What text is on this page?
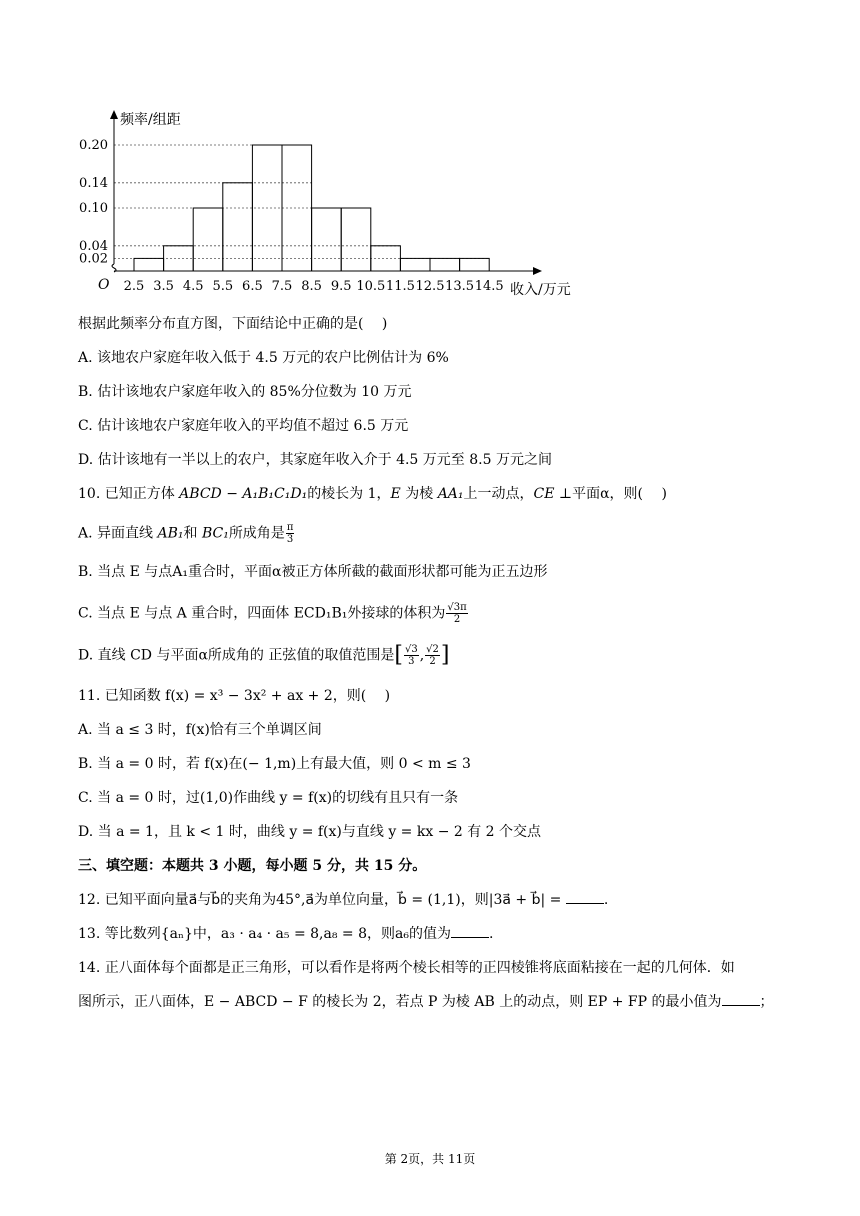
0.20
0.14
0.10
0.04
0.02
2.5 3.5 4.5 5.5 6.5 7.5 8.5 9.5 10.5 11.5 12.5 13.5 14.5
频率/组距
收入/万元
O
根据此频率分布直方图，下面结论中正确的是(　 )
A. 该地农户家庭年收入低于 4.5 万元的农户比例估计为 6%
B. 估计该地农户家庭年收入的 85%分位数为 10 万元
C. 估计该地农户家庭年收入的平均值不超过 6.5 万元
D. 估计该地有一半以上的农户，其家庭年收入介于 4.5 万元至 8.5 万元之间
10. 已知正方体 ABCD − A₁B₁C₁D₁的棱长为 1，E 为棱 AA₁上一动点，CE ⊥平面α，则(　 )
A. 异面直线 AB₁和 BC₁所成角是 $\frac{\pi}{3}$
B. 当点 E 与点A₁重合时，平面α被正方体所截的截面形状都可能为正五边形
C. 当点 E 与点 A 重合时，四面体 ECD₁B₁外接球的体积为 $\frac{√3\pi}{2}$
D. 直线 CD 与平面α所成角的 正弦值的取值范围是[ $\frac{√3}{3}$ , $\frac{√2}{2}$ ]
11. 已知函数 f(x) = x³ − 3x² + ax + 2，则(　 )
A. 当 a ≤ 3 时，f(x)恰有三个单调区间
B. 当 a = 0 时，若 f(x)在(− 1,m)上有最大值，则 0 < m ≤ 3
C. 当 a = 0 时，过(1,0)作曲线 y = f(x)的切线有且只有一条
D. 当 a = 1，且 k < 1 时，曲线 y = f(x)与直线 y = kx − 2 有 2 个交点
三、填空题：本题共 3 小题，每小题 5 分，共 15 分。
12. 已知平面向量a⃗与b⃗的夹角为45°,a⃗为单位向量，b⃗ = (1,1)，则|3a⃗ + b⃗| =	.
13. 等比数列{aₙ}中，a₃ · a₄ · a₅ = 8,a₈ = 8，则a₆的值为	.
14. 正八面体每个面都是正三角形，可以看作是将两个棱长相等的正四棱锥将底面粘接在一起的几何体．如
图所示，正八面体，E − ABCD − F 的棱长为 2，若点 P 为棱 AB 上的动点，则 EP + FP 的最小值为	；
第 2页，共 11页
